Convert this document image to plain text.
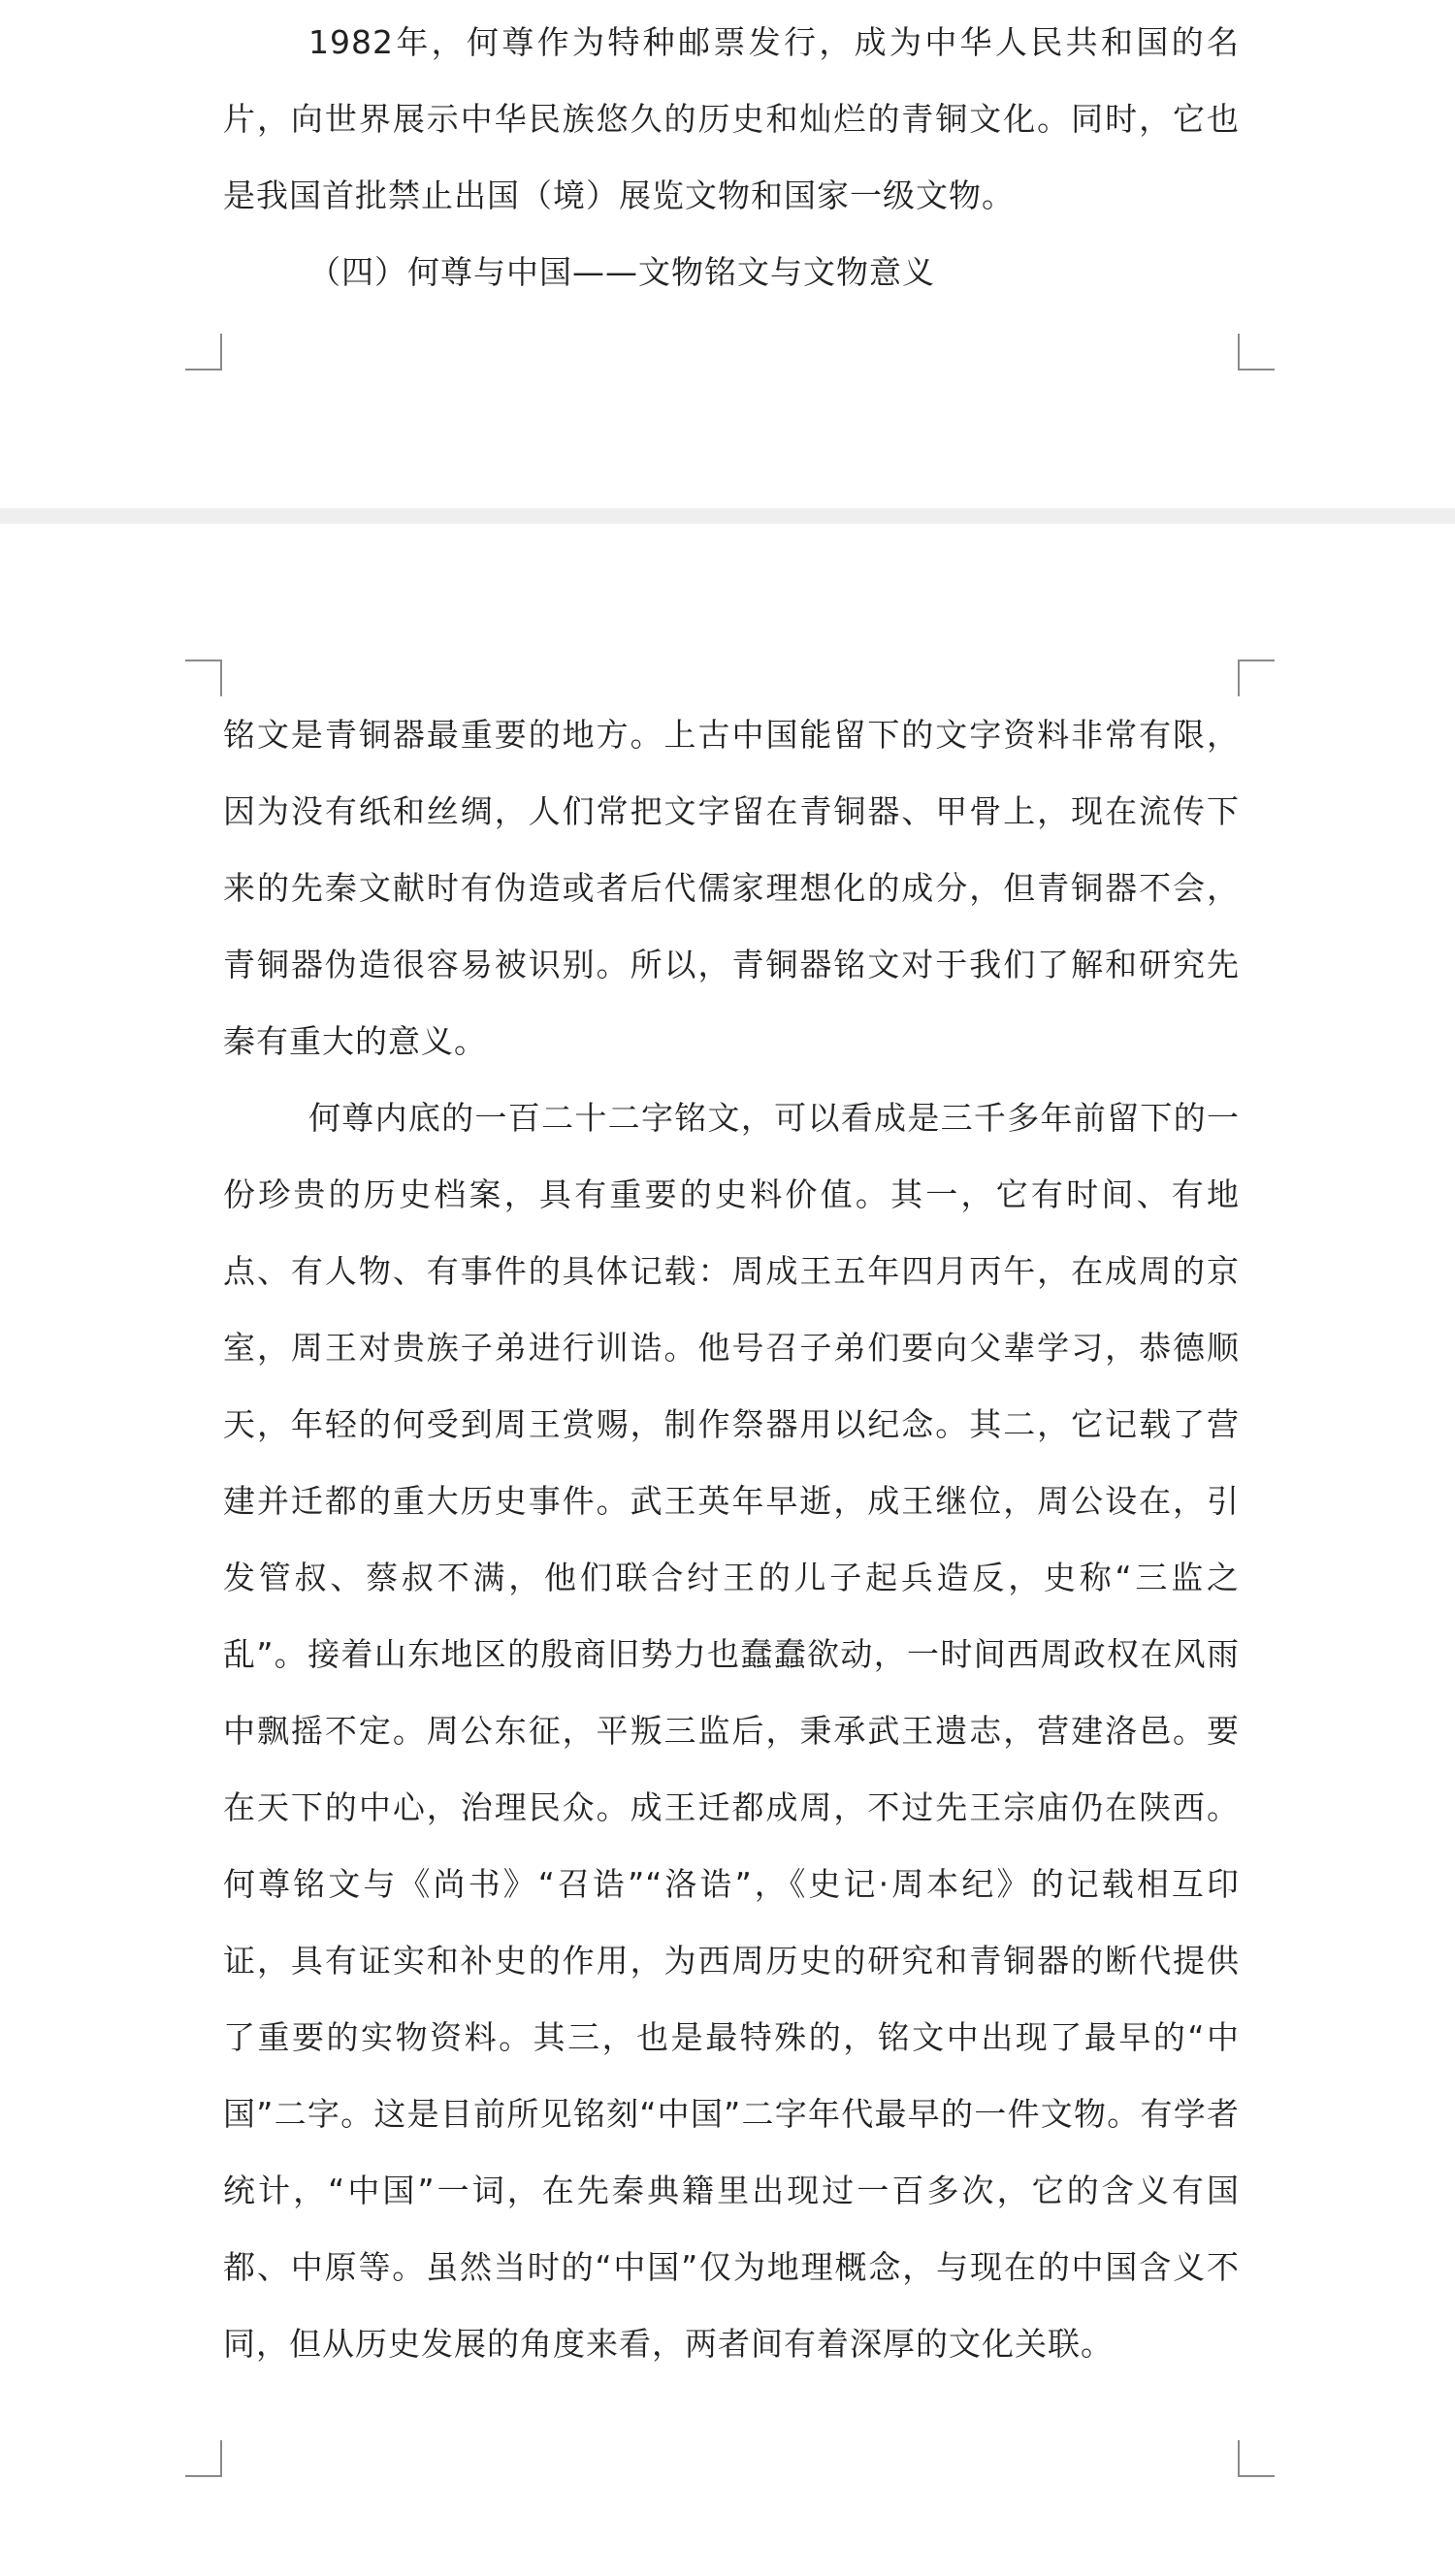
1982年，何尊作为特种邮票发行，成为中华人民共和国的名片，向世界展示中华民族悠久的历史和灿烂的青铜文化。同时，它也是我国首批禁止出国（境）展览文物和国家一级文物。

（四）何尊与中国——文物铭文与文物意义

铭文是青铜器最重要的地方。上古中国能留下的文字资料非常有限，因为没有纸和丝绸，人们常把文字留在青铜器、甲骨上，现在流传下来的先秦文献时有伪造或者后代儒家理想化的成分，但青铜器不会，青铜器伪造很容易被识别。所以，青铜器铭文对于我们了解和研究先秦有重大的意义。

何尊内底的一百二十二字铭文，可以看成是三千多年前留下的一份珍贵的历史档案，具有重要的史料价值。其一，它有时间、有地点、有人物、有事件的具体记载：周成王五年四月丙午，在成周的京室，周王对贵族子弟进行训诰。他号召子弟们要向父辈学习，恭德顺天，年轻的何受到周王赏赐，制作祭器用以纪念。其二，它记载了营建并迁都的重大历史事件。武王英年早逝，成王继位，周公设在，引发管叔、蔡叔不满，他们联合纣王的儿子起兵造反，史称“三监之乱”。接着山东地区的殷商旧势力也蠢蠢欲动，一时间西周政权在风雨中飘摇不定。周公东征，平叛三监后，秉承武王遗志，营建洛邑。要在天下的中心，治理民众。成王迁都成周，不过先王宗庙仍在陕西。何尊铭文与《尚书》“召诰”“洛诰”，《史记·周本纪》的记载相互印证，具有证实和补史的作用，为西周历史的研究和青铜器的断代提供了重要的实物资料。其三，也是最特殊的，铭文中出现了最早的“中国”二字。这是目前所见铭刻“中国”二字年代最早的一件文物。有学者统计，“中国”一词，在先秦典籍里出现过一百多次，它的含义有国都、中原等。虽然当时的“中国”仅为地理概念，与现在的中国含义不同，但从历史发展的角度来看，两者间有着深厚的文化关联。
